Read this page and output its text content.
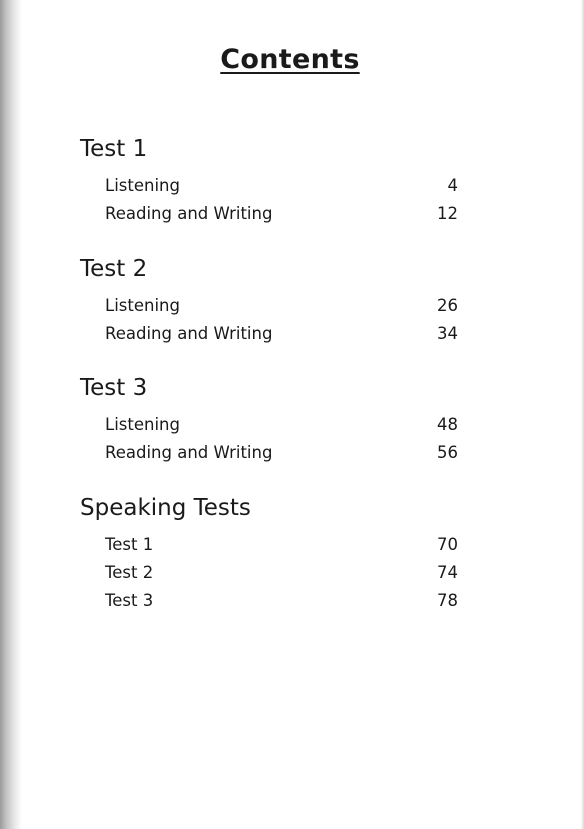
Contents
Test 1
Listening	4
Reading and Writing	12
Test 2
Listening	26
Reading and Writing	34
Test 3
Listening	48
Reading and Writing	56
Speaking Tests
Test 1	70
Test 2	74
Test 3	78
